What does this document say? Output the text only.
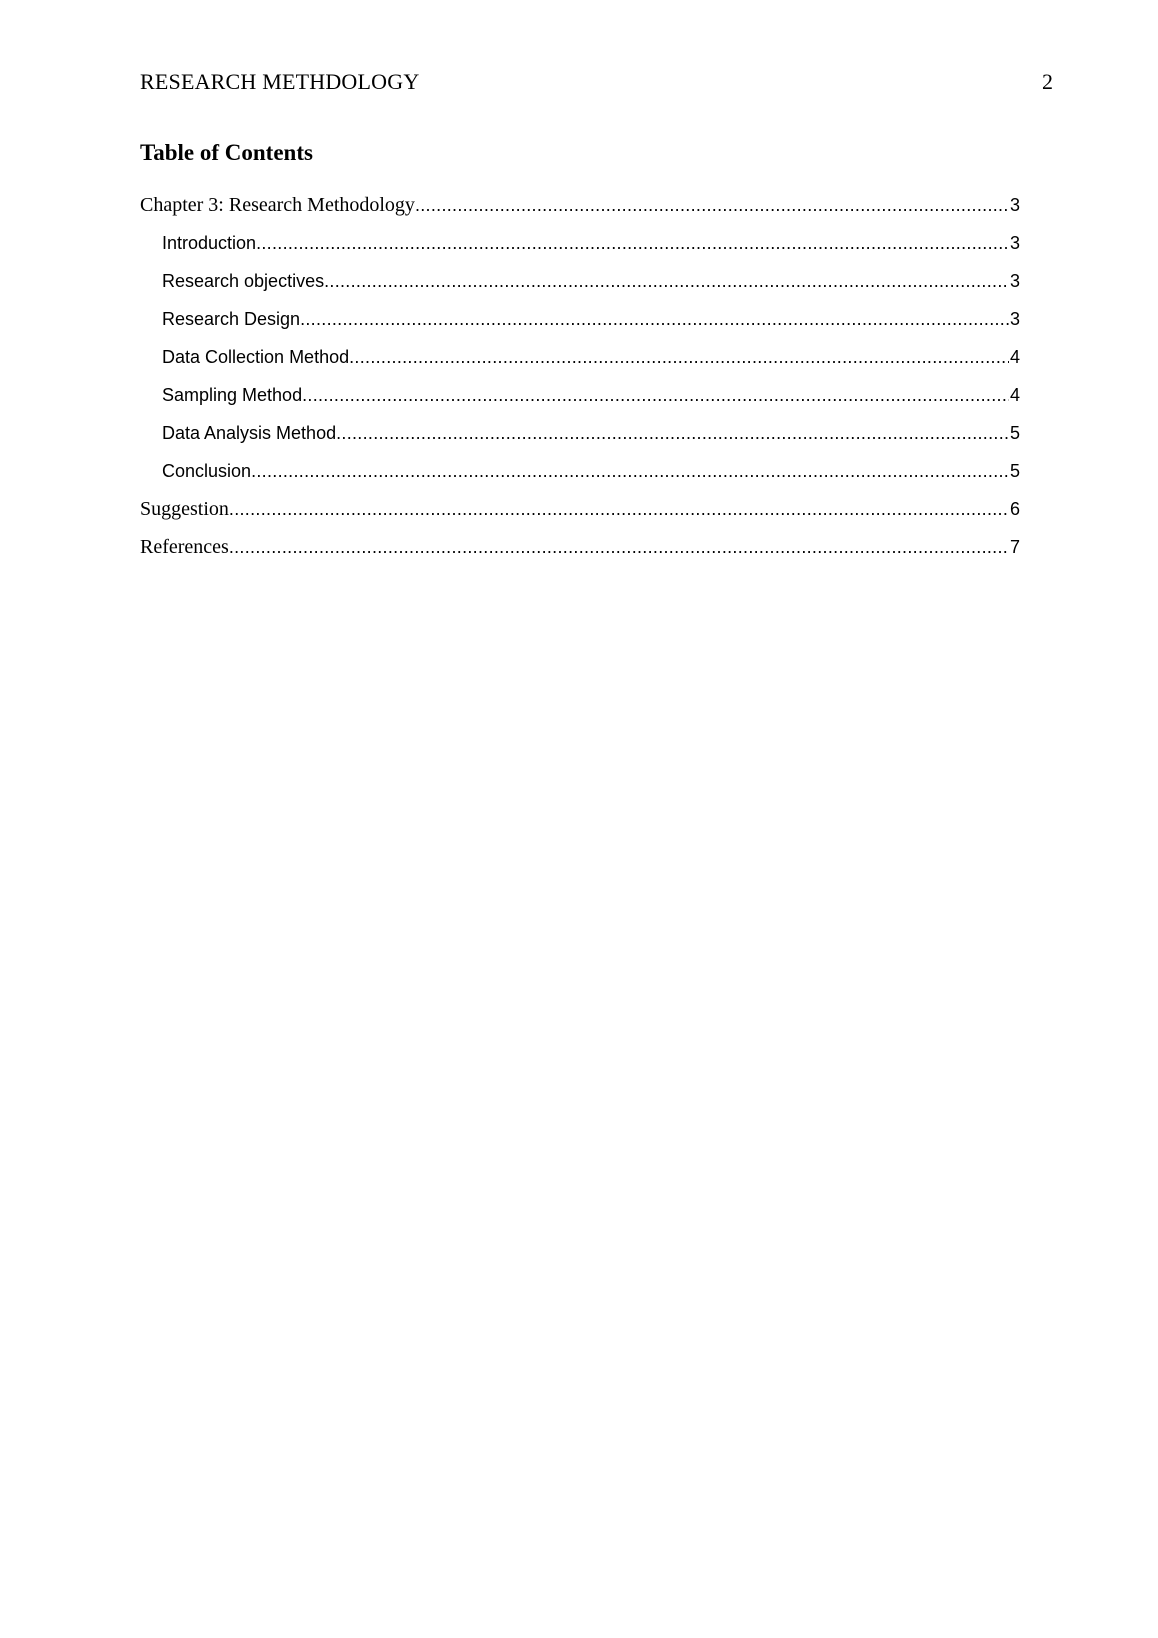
RESEARCH METHDOLOGY	2
Table of Contents
Chapter 3: Research Methodology .....	3
Introduction .....	3
Research objectives .....	3
Research Design .....	3
Data Collection Method .....	4
Sampling Method .....	4
Data Analysis Method .....	5
Conclusion .....	5
Suggestion .....	6
References .....	7
